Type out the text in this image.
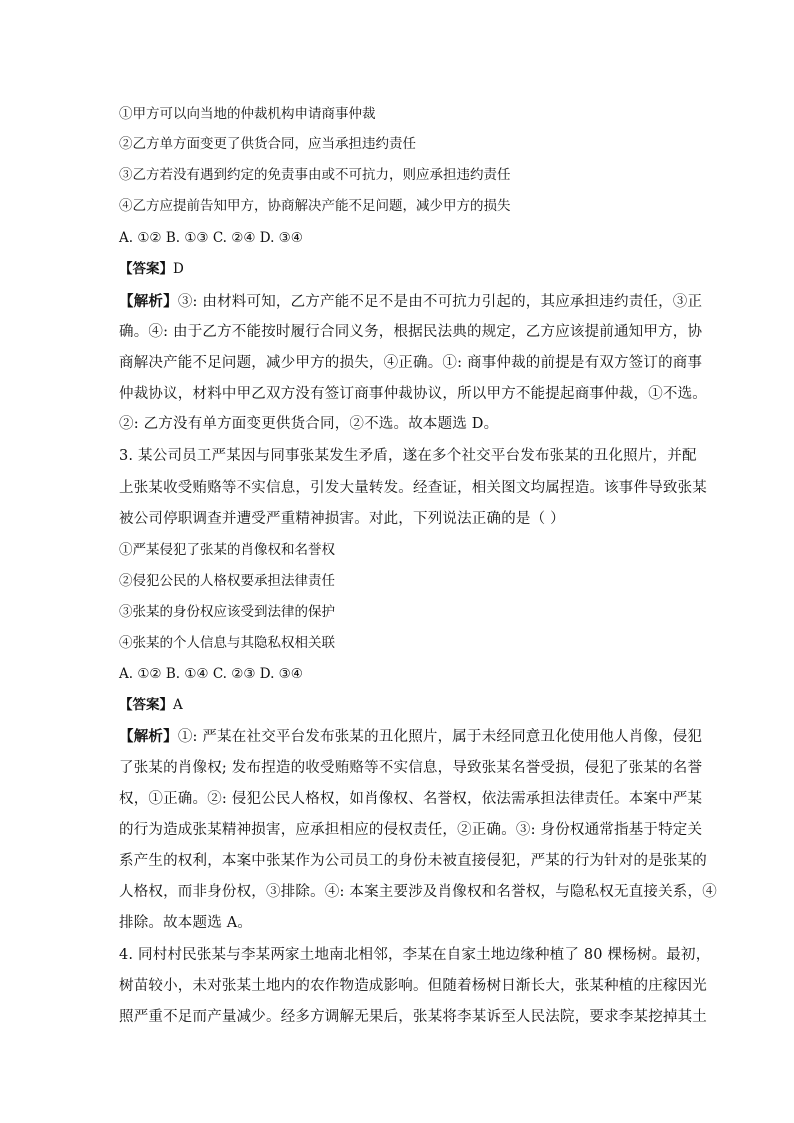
①甲方可以向当地的仲裁机构申请商事仲裁
②乙方单方面变更了供货合同，应当承担违约责任
③乙方若没有遇到约定的免责事由或不可抗力，则应承担违约责任
④乙方应提前告知甲方，协商解决产能不足问题，减少甲方的损失
A. ①② B. ①③ C. ②④ D. ③④
【答案】D
【解析】③: 由材料可知，乙方产能不足不是由不可抗力引起的，其应承担违约责任，③正
确。④: 由于乙方不能按时履行合同义务，根据民法典的规定，乙方应该提前通知甲方，协
商解决产能不足问题，减少甲方的损失，④正确。①: 商事仲裁的前提是有双方签订的商事
仲裁协议，材料中甲乙双方没有签订商事仲裁协议，所以甲方不能提起商事仲裁，①不选。
②: 乙方没有单方面变更供货合同，②不选。故本题选 D。
3. 某公司员工严某因与同事张某发生矛盾，遂在多个社交平台发布张某的丑化照片，并配
上张某收受贿赂等不实信息，引发大量转发。经查证，相关图文均属捏造。该事件导致张某
被公司停职调查并遭受严重精神损害。对此，下列说法正确的是（ ）
①严某侵犯了张某的肖像权和名誉权
②侵犯公民的人格权要承担法律责任
③张某的身份权应该受到法律的保护
④张某的个人信息与其隐私权相关联
A. ①② B. ①④ C. ②③ D. ③④
【答案】A
【解析】①: 严某在社交平台发布张某的丑化照片，属于未经同意丑化使用他人肖像，侵犯
了张某的肖像权; 发布捏造的收受贿赂等不实信息，导致张某名誉受损，侵犯了张某的名誉
权，①正确。②: 侵犯公民人格权，如肖像权、名誉权，依法需承担法律责任。本案中严某
的行为造成张某精神损害，应承担相应的侵权责任，②正确。③: 身份权通常指基于特定关
系产生的权利，本案中张某作为公司员工的身份未被直接侵犯，严某的行为针对的是张某的
人格权，而非身份权，③排除。④: 本案主要涉及肖像权和名誉权，与隐私权无直接关系，④
排除。故本题选 A。
4. 同村村民张某与李某两家土地南北相邻，李某在自家土地边缘种植了 80 棵杨树。最初，
树苗较小，未对张某土地内的农作物造成影响。但随着杨树日渐长大，张某种植的庄稼因光
照严重不足而产量减少。经多方调解无果后，张某将李某诉至人民法院，要求李某挖掉其土
